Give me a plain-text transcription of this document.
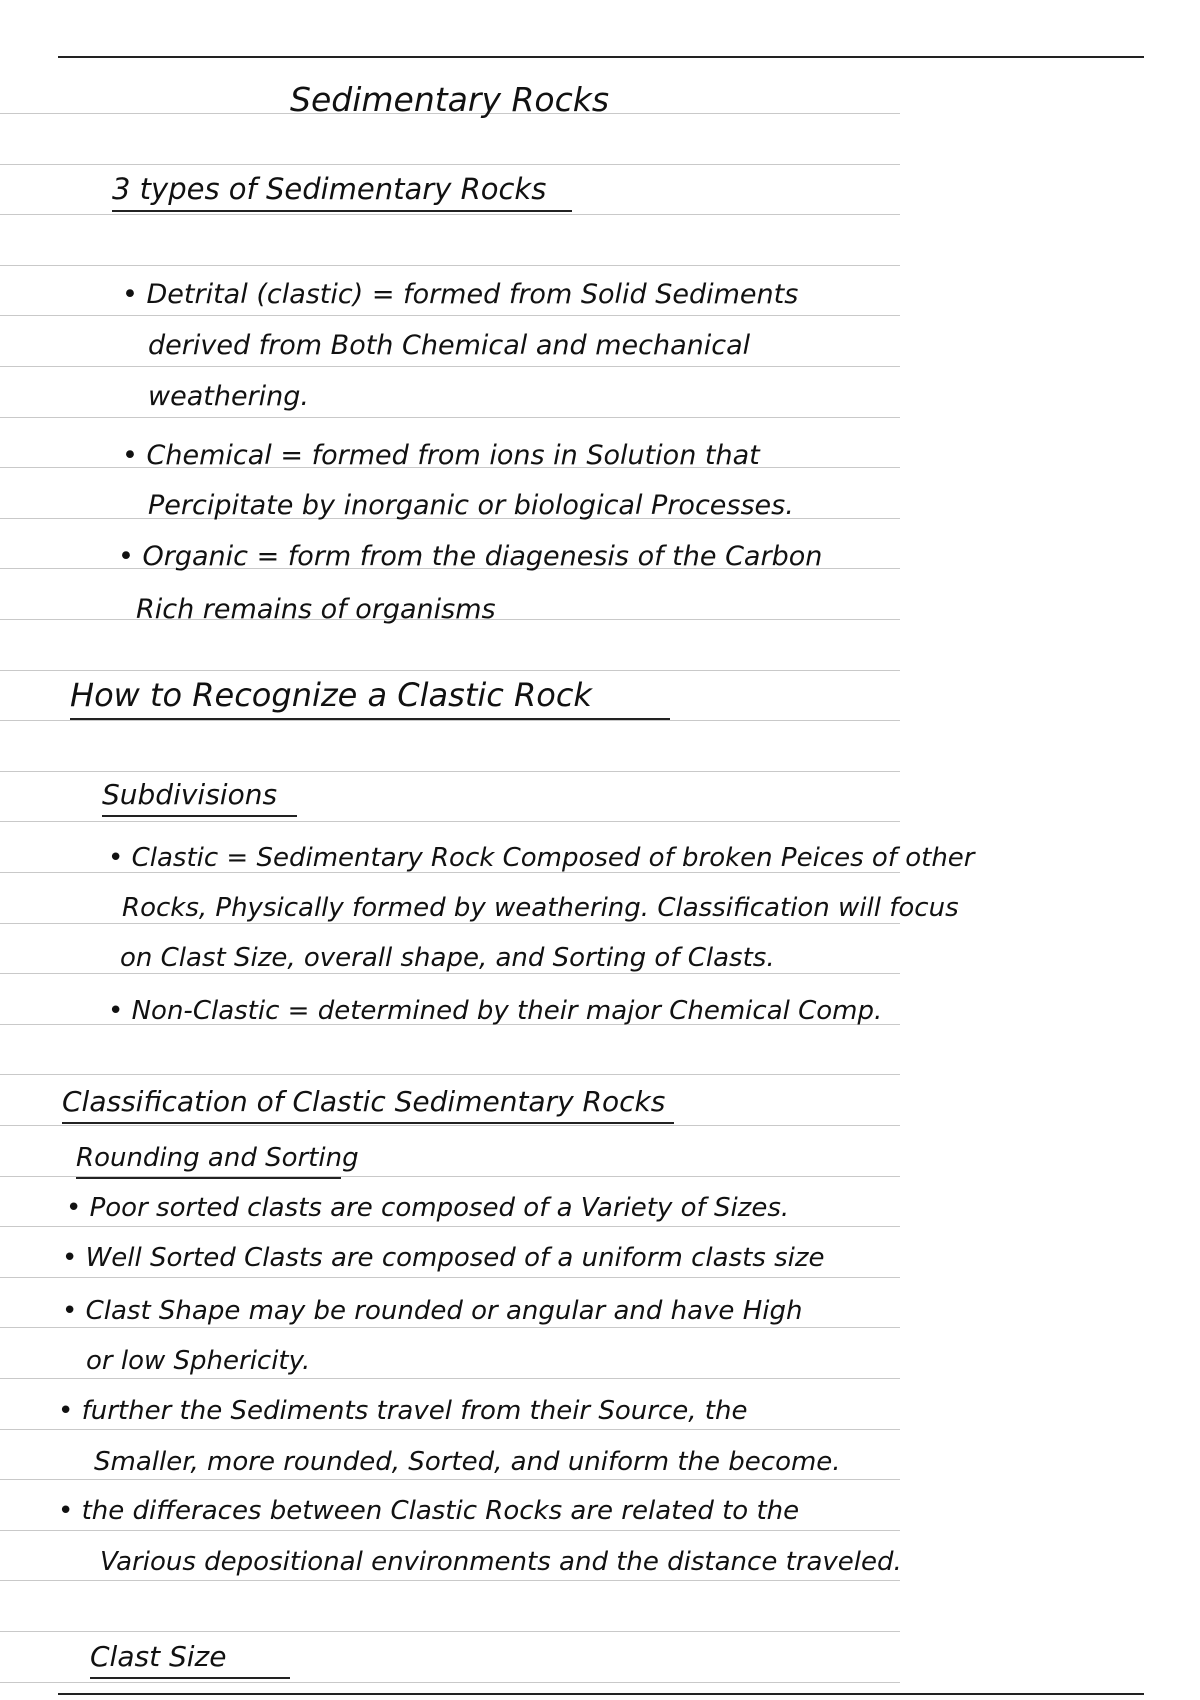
Sedimentary Rocks
3 types of Sedimentary Rocks
• Detrital (clastic) = formed from Solid Sediments
derived from Both Chemical and mechanical
weathering.
• Chemical = formed from ions in Solution that
Percipitate by inorganic or biological Processes.
• Organic = form from the diagenesis of the Carbon
Rich remains of organisms
How to Recognize a Clastic Rock
Subdivisions
• Clastic = Sedimentary Rock Composed of broken Peices of other
Rocks, Physically formed by weathering. Classification will focus
on Clast Size, overall shape, and Sorting of Clasts.
• Non-Clastic = determined by their major Chemical Comp.
Classification of Clastic Sedimentary Rocks
Rounding and Sorting
• Poor sorted clasts are composed of a Variety of Sizes.
• Well Sorted Clasts are composed of a uniform clasts size
• Clast Shape may be rounded or angular and have High
or low Sphericity.
• further the Sediments travel from their Source, the
Smaller, more rounded, Sorted, and uniform the become.
• the differaces between Clastic Rocks are related to the
Various depositional environments and the distance traveled.
Clast Size
